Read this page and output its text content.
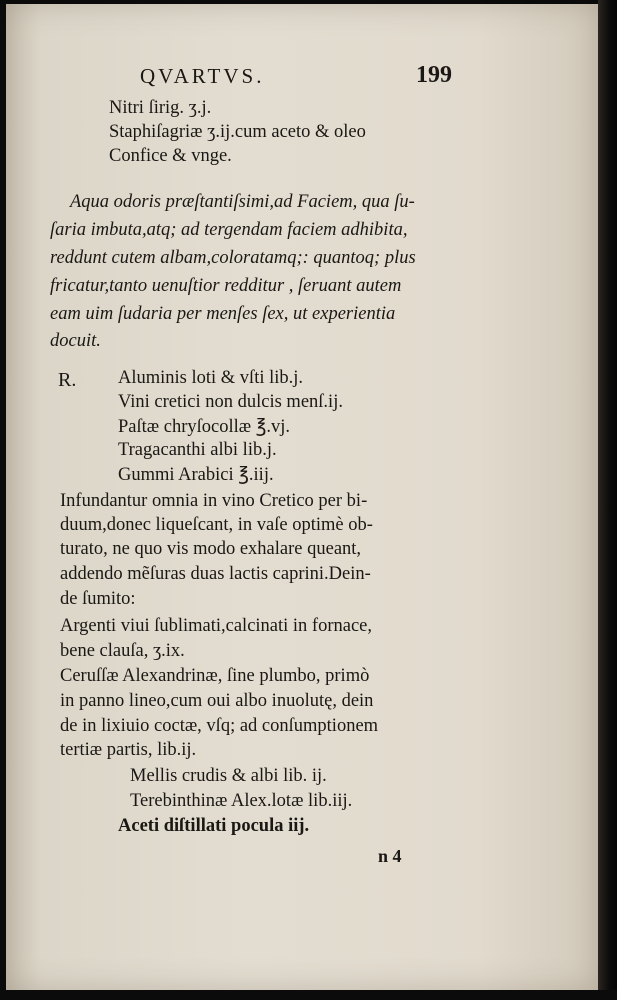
QVARTVS.	199
Nitri ſirig. ʒ.j.
Staphiſagriæ ʒ.ij.cum aceto & oleo
Confice & vnge.
Aqua odoris præſtantiſsimi,ad Faciem, qua ſu-
ſaria imbuta,atq; ad tergendam faciem adhibita,
reddunt cutem albam,coloratamq;: quantoq; plus
fricatur,tanto uenuſtior redditur , ſeruant autem
eam uim ſudaria per menſes ſex, ut experientia
docuit.
R. Aluminis loti & vſti lib.j.
Vini cretici non dulcis menſ.ij.
Paſtæ chryſocollæ ℥.vj.
Tragacanthi albi lib.j.
Gummi Arabici ℥.iij.
Infundantur omnia in vino Cretico per bi-
duum,donec liqueſcant, in vaſe optimè ob-
turato, ne quo vis modo exhalare queant,
addendo mẽſuras duas lactis caprini.Dein-
de ſumito:
Argenti viui ſublimati,calcinati in fornace,
bene clauſa, ʒ.ix.
Ceruſſæ Alexandrinæ, ſine plumbo, primò
in panno lineo,cum oui albo inuolutę, dein
de in lixiuio coctæ, vſq; ad conſumptionem
tertiæ partis, lib.ij.
Mellis crudis & albi lib. ij.
Terebinthinæ Alex.lotæ lib.iij.
Aceti diſtillati pocula iij.
n 4
